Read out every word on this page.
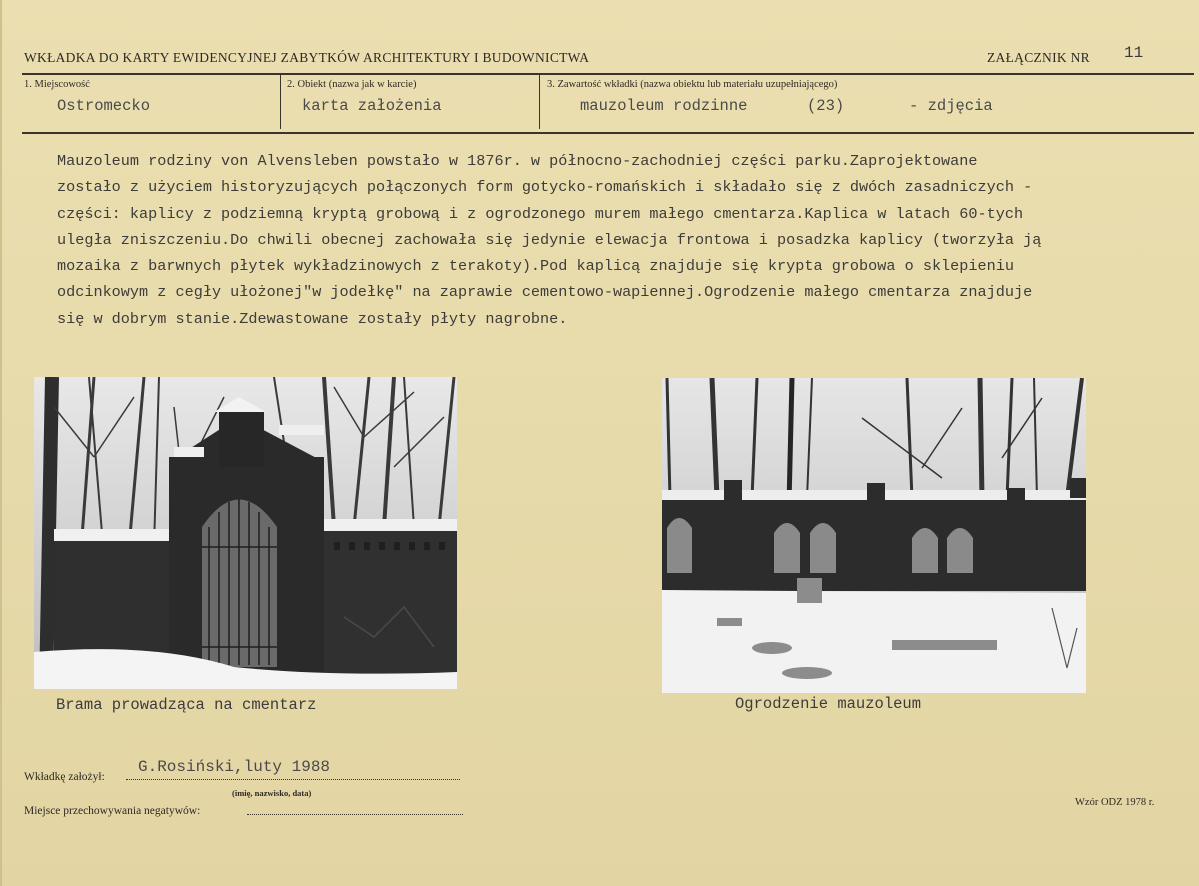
WKŁADKA DO KARTY EWIDENCYJNEJ ZABYTKÓW ARCHITEKTURY I BUDOWNICTWA	ZAŁĄCZNIK NR 11
1. Miejscowość
Ostromecko
2. Obiekt (nazwa jak w karcie)
karta założenia
3. Zawartość wkładki (nazwa obiektu lub materiału uzupełniającego)
mauzoleum rodzinne	(23)	- zdjęcia
Mauzoleum rodziny von Alvensleben powstało w 1876r. w północno-zachodniej części parku.Zaprojektowane
zostało z użyciem historyzujących połączonych form gotycko-romańskich i składało się z dwóch zasadniczych -
części: kaplicy z podziemną kryptą grobową i z ogrodzonego murem małego cmentarza.Kaplica w latach 60-tych
uległa zniszczeniu.Do chwili obecnej zachowała się jedynie elewacja frontowa i posadzka kaplicy (tworzyła ją
mozaika z barwnych płytek wykładzinowych z terakoty).Pod kaplicą znajduje się krypta grobowa o sklepieniu
odcinkowym z cegły ułożonej"w jodełkę" na zaprawie cementowo-wapiennej.Ogrodzenie małego cmentarza znajduje
się w dobrym stanie.Zdewastowane zostały płyty nagrobne.
Brama prowadząca na cmentarz	Ogrodzenie mauzoleum
Wkładkę założył:
G.Rosiński,luty 1988
(imię, nazwisko, data)
Miejsce przechowywania negatywów:
Wzór ODZ 1978 r.
